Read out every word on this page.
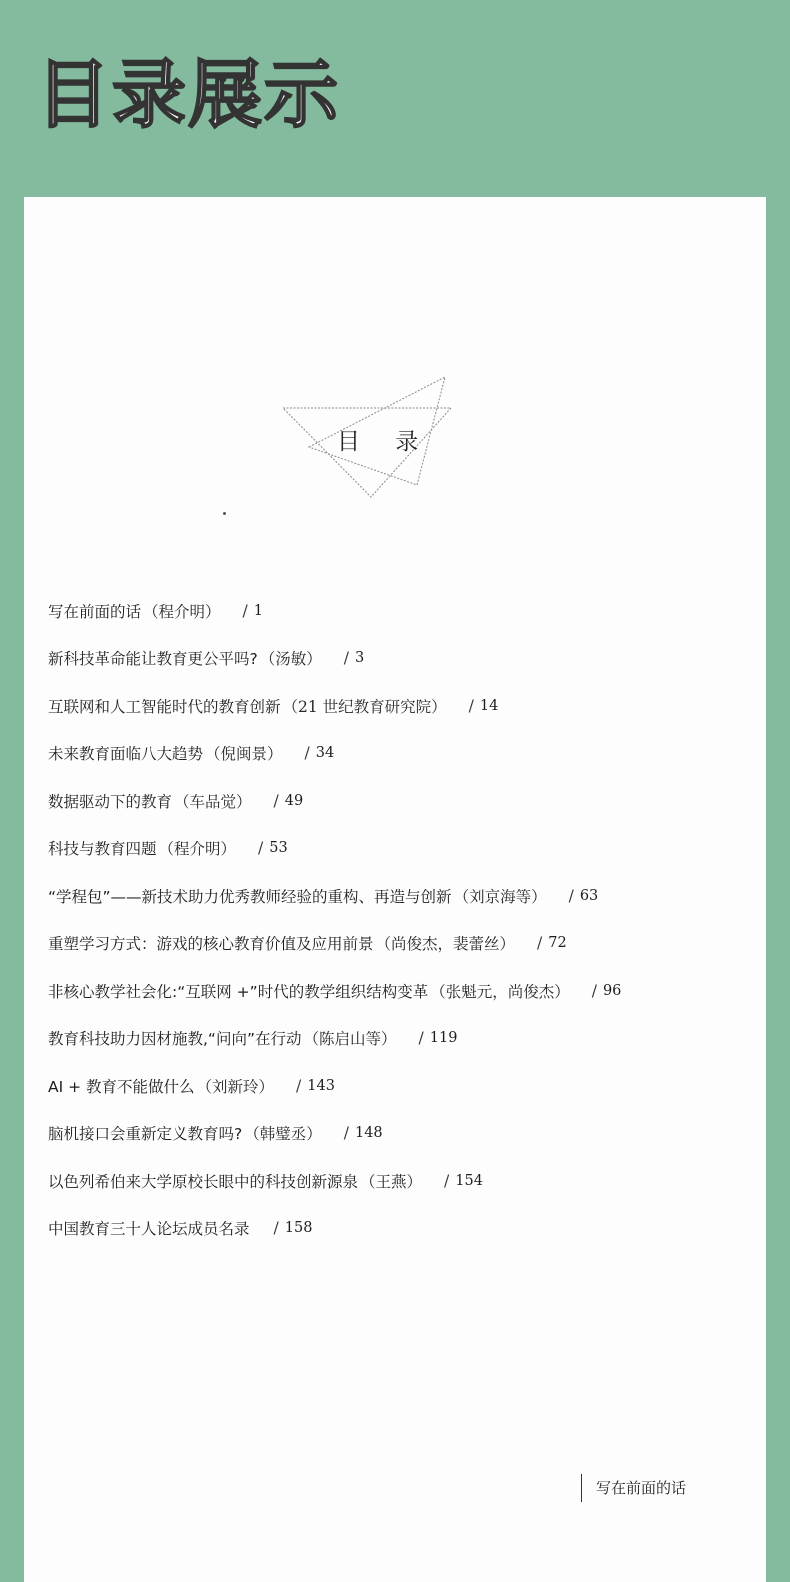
目录展示
目 录
写在前面的话 （程介明） / 1
新科技革命能让教育更公平吗? （汤敏） / 3
互联网和人工智能时代的教育创新 （21 世纪教育研究院） / 14
未来教育面临八大趋势 （倪闽景） / 34
数据驱动下的教育 （车品觉） / 49
科技与教育四题 （程介明） / 53
“学程包”——新技术助力优秀教师经验的重构、再造与创新 （刘京海等） / 63
重塑学习方式：游戏的核心教育价值及应用前景 （尚俊杰，裴蕾丝） / 72
非核心教学社会化:“互联网 +”时代的教学组织结构变革 （张魁元，尚俊杰） / 96
教育科技助力因材施教,“问向”在行动 （陈启山等） / 119
AI + 教育不能做什么 （刘新玲） / 143
脑机接口会重新定义教育吗? （韩璧丞） / 148
以色列希伯来大学原校长眼中的科技创新源泉 （王燕） / 154
中国教育三十人论坛成员名录 / 158
写在前面的话
